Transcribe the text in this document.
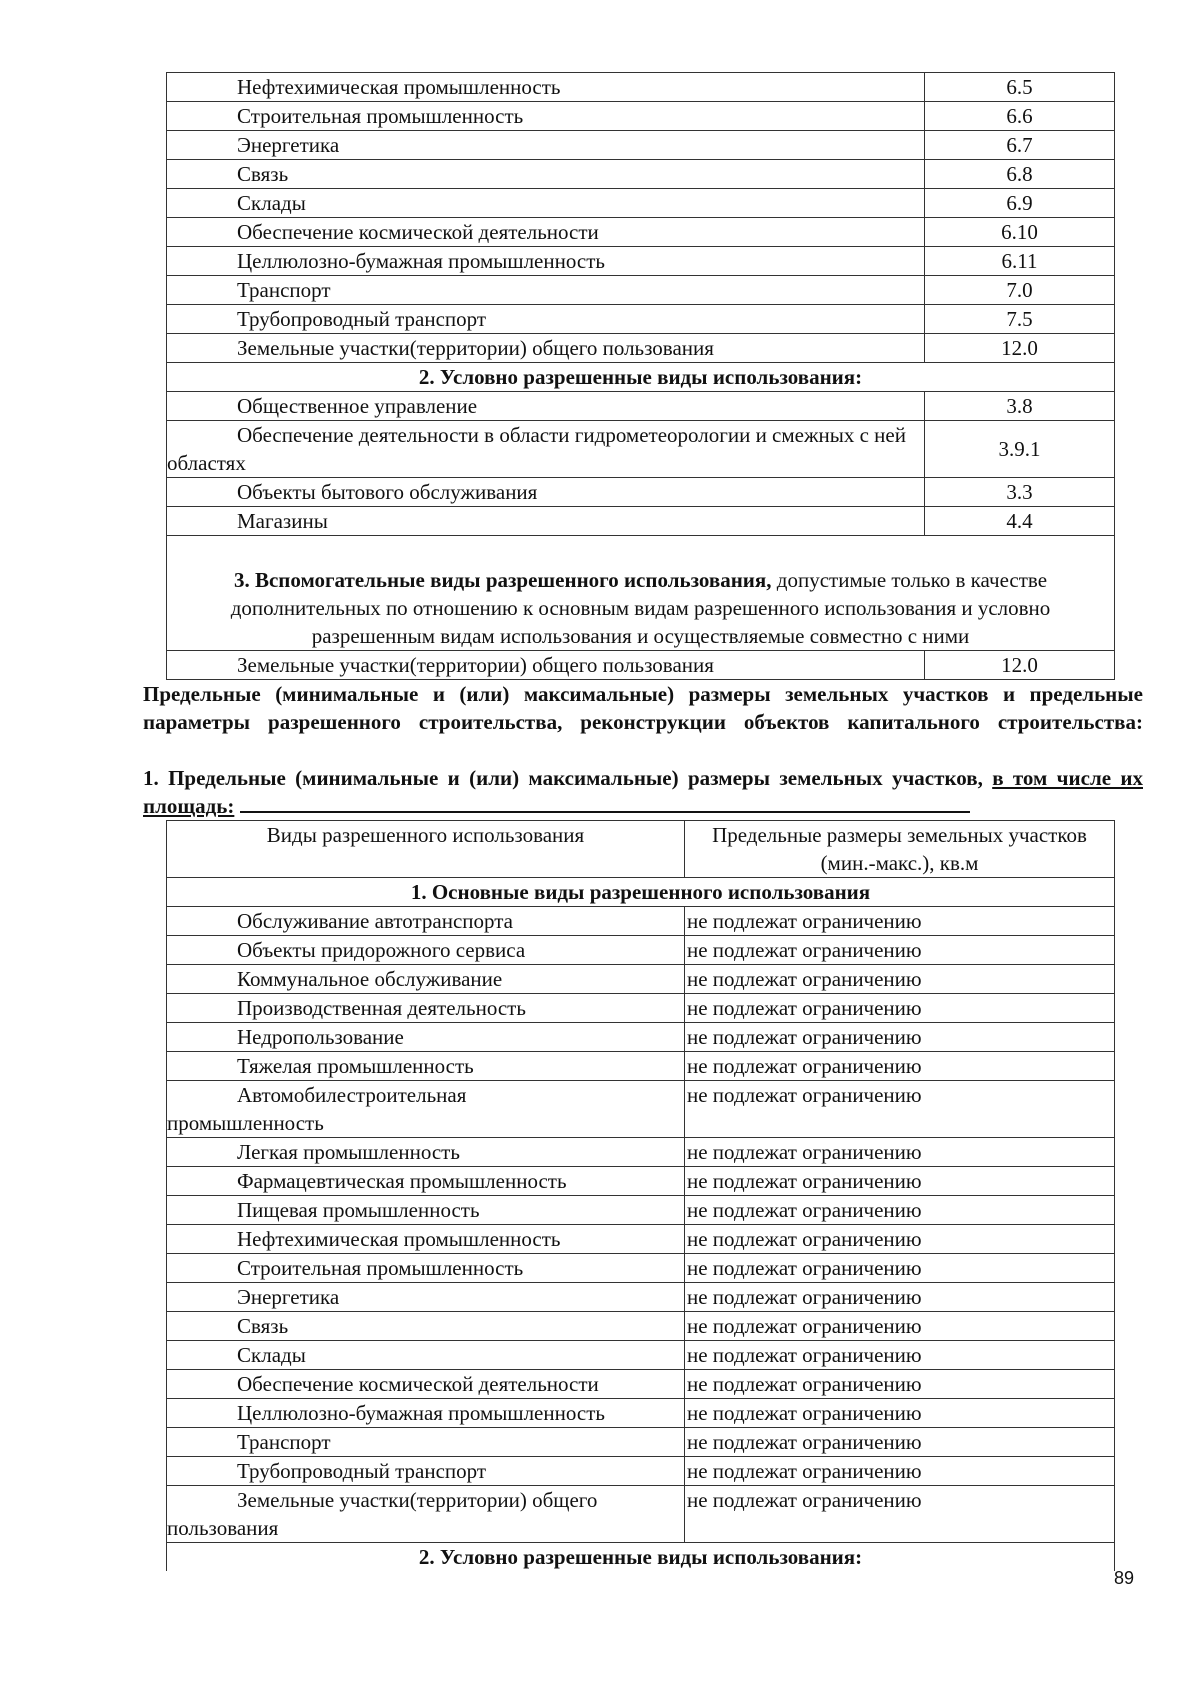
Нефтехимическая промышленность	6.5
Строительная промышленность	6.6
Энергетика	6.7
Связь	6.8
Склады	6.9
Обеспечение космической деятельности	6.10
Целлюлозно-бумажная промышленность	6.11
Транспорт	7.0
Трубопроводный транспорт	7.5
Земельные участки(территории) общего пользования	12.0
2. Условно разрешенные виды использования:	
Общественное управление	3.8
Обеспечение деятельности в области гидрометеорологии и смежных с ней областях	3.9.1
Объекты бытового обслуживания	3.3
Магазины	4.4
3. Вспомогательные виды разрешенного использования, допустимые только в качестве дополнительных по отношению к основным видам разрешенного использования и условно разрешенным видам использования и осуществляемые совместно с ними	
Земельные участки(территории) общего пользования	12.0

Предельные (минимальные и (или) максимальные) размеры земельных участков и предельные параметры разрешенного строительства, реконструкции объектов капитального строительства:

1. Предельные (минимальные и (или) максимальные) размеры земельных участков, в том числе их площадь:

Виды разрешенного использования	Предельные размеры земельных участков (мин.-макс.), кв.м
1. Основные виды разрешенного использования	
Обслуживание автотранспорта	не подлежат ограничению
Объекты придорожного сервиса	не подлежат ограничению
Коммунальное обслуживание	не подлежат ограничению
Производственная деятельность	не подлежат ограничению
Недропользование	не подлежат ограничению
Тяжелая промышленность	не подлежат ограничению
Автомобилестроительная промышленность	не подлежат ограничению
Легкая промышленность	не подлежат ограничению
Фармацевтическая промышленность	не подлежат ограничению
Пищевая промышленность	не подлежат ограничению
Нефтехимическая промышленность	не подлежат ограничению
Строительная промышленность	не подлежат ограничению
Энергетика	не подлежат ограничению
Связь	не подлежат ограничению
Склады	не подлежат ограничению
Обеспечение космической деятельности	не подлежат ограничению
Целлюлозно-бумажная промышленность	не подлежат ограничению
Транспорт	не подлежат ограничению
Трубопроводный транспорт	не подлежат ограничению
Земельные участки(территории) общего пользования	не подлежат ограничению
2. Условно разрешенные виды использования:	
89
